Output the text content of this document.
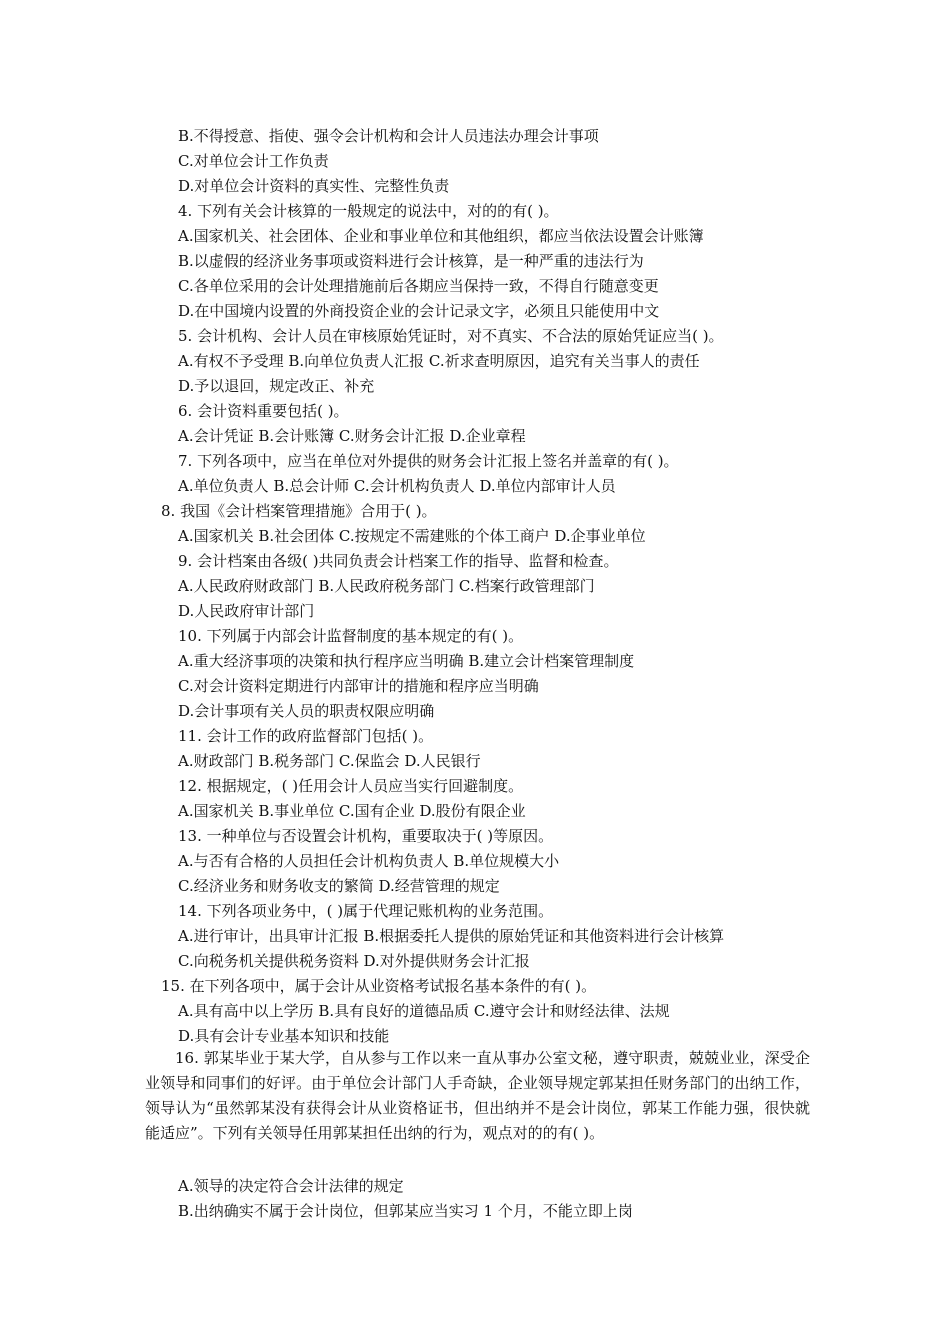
B.不得授意、指使、强令会计机构和会计人员违法办理会计事项
C.对单位会计工作负责
D.对单位会计资料的真实性、完整性负责
4. 下列有关会计核算的一般规定的说法中，对的的有( )。
A.国家机关、社会团体、企业和事业单位和其他组织，都应当依法设置会计账簿
B.以虚假的经济业务事项或资料进行会计核算，是一种严重的违法行为
C.各单位采用的会计处理措施前后各期应当保持一致，不得自行随意变更
D.在中国境内设置的外商投资企业的会计记录文字，必须且只能使用中文
5. 会计机构、会计人员在审核原始凭证时，对不真实、不合法的原始凭证应当( )。
A.有权不予受理 B.向单位负责人汇报 C.祈求查明原因，追究有关当事人的责任
D.予以退回，规定改正、补充
6. 会计资料重要包括( )。
A.会计凭证 B.会计账簿 C.财务会计汇报 D.企业章程
7. 下列各项中，应当在单位对外提供的财务会计汇报上签名并盖章的有( )。
A.单位负责人 B.总会计师 C.会计机构负责人 D.单位内部审计人员
8. 我国《会计档案管理措施》合用于( )。
A.国家机关 B.社会团体 C.按规定不需建账的个体工商户 D.企事业单位
9. 会计档案由各级( )共同负责会计档案工作的指导、监督和检查。
A.人民政府财政部门 B.人民政府税务部门 C.档案行政管理部门
D.人民政府审计部门
10. 下列属于内部会计监督制度的基本规定的有( )。
A.重大经济事项的决策和执行程序应当明确 B.建立会计档案管理制度
C.对会计资料定期进行内部审计的措施和程序应当明确
D.会计事项有关人员的职责权限应明确
11. 会计工作的政府监督部门包括( )。
A.财政部门 B.税务部门 C.保监会 D.人民银行
12. 根据规定，( )任用会计人员应当实行回避制度。
A.国家机关 B.事业单位 C.国有企业 D.股份有限企业
13. 一种单位与否设置会计机构，重要取决于( )等原因。
A.与否有合格的人员担任会计机构负责人 B.单位规模大小
C.经济业务和财务收支的繁简 D.经营管理的规定
14. 下列各项业务中，( )属于代理记账机构的业务范围。
A.进行审计，出具审计汇报 B.根据委托人提供的原始凭证和其他资料进行会计核算
C.向税务机关提供税务资料 D.对外提供财务会计汇报
15. 在下列各项中，属于会计从业资格考试报名基本条件的有( )。
A.具有高中以上学历 B.具有良好的道德品质 C.遵守会计和财经法律、法规
D.具有会计专业基本知识和技能
16. 郭某毕业于某大学，自从参与工作以来一直从事办公室文秘，遵守职责，兢兢业业，深受企业领导和同事们的好评。由于单位会计部门人手奇缺，企业领导规定郭某担任财务部门的出纳工作，领导认为“虽然郭某没有获得会计从业资格证书，但出纳并不是会计岗位，郭某工作能力强，很快就能适应”。下列有关领导任用郭某担任出纳的行为，观点对的的有( )。
A.领导的决定符合会计法律的规定
B.出纳确实不属于会计岗位，但郭某应当实习 1 个月，不能立即上岗
